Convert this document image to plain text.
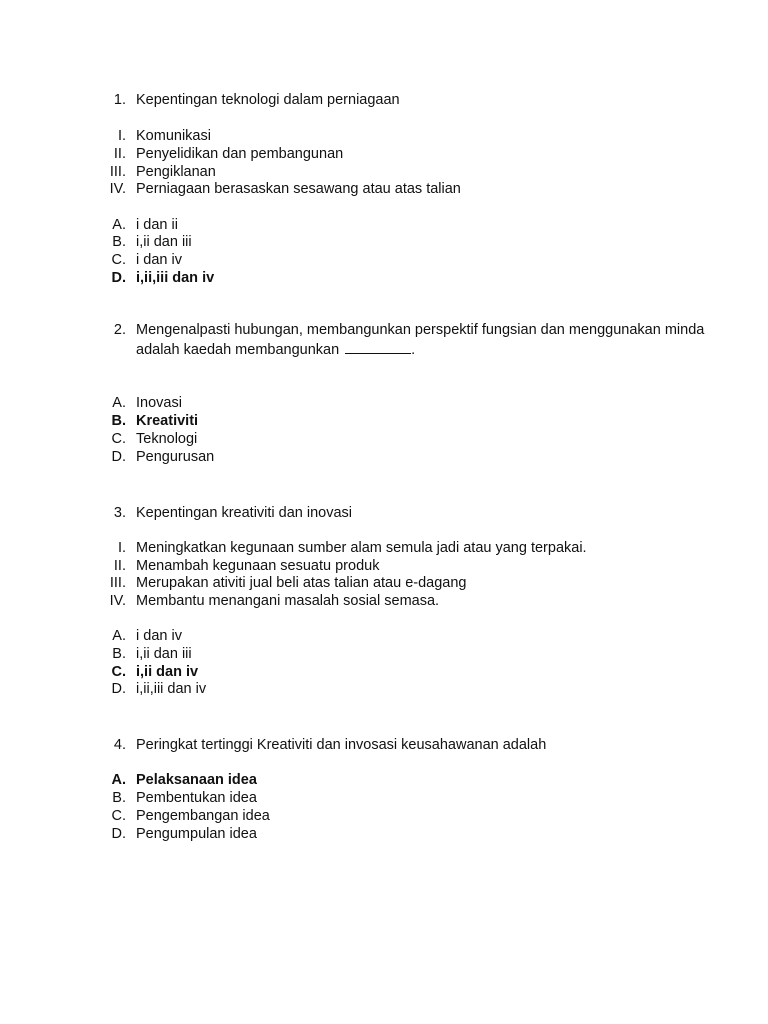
1. Kepentingan teknologi dalam perniagaan
I. Komunikasi
II. Penyelidikan dan pembangunan
III. Pengiklanan
IV. Perniagaan berasaskan sesawang atau atas talian
A. i dan ii
B. i,ii dan iii
C. i dan iv
D. i,ii,iii dan iv
2. Mengenalpasti hubungan, membangunkan perspektif fungsian dan menggunakan minda
adalah kaedah membangunkan	.
A. Inovasi
B. Kreativiti
C. Teknologi
D. Pengurusan
3. Kepentingan kreativiti dan inovasi
I. Meningkatkan kegunaan sumber alam semula jadi atau yang terpakai.
II. Menambah kegunaan sesuatu produk
III. Merupakan ativiti jual beli atas talian atau e-dagang
IV. Membantu menangani masalah sosial semasa.
A. i dan iv
B. i,ii dan iii
C. i,ii dan iv
D. i,ii,iii dan iv
4. Peringkat tertinggi Kreativiti dan invosasi keusahawanan adalah
A. Pelaksanaan idea
B. Pembentukan idea
C. Pengembangan idea
D. Pengumpulan idea
